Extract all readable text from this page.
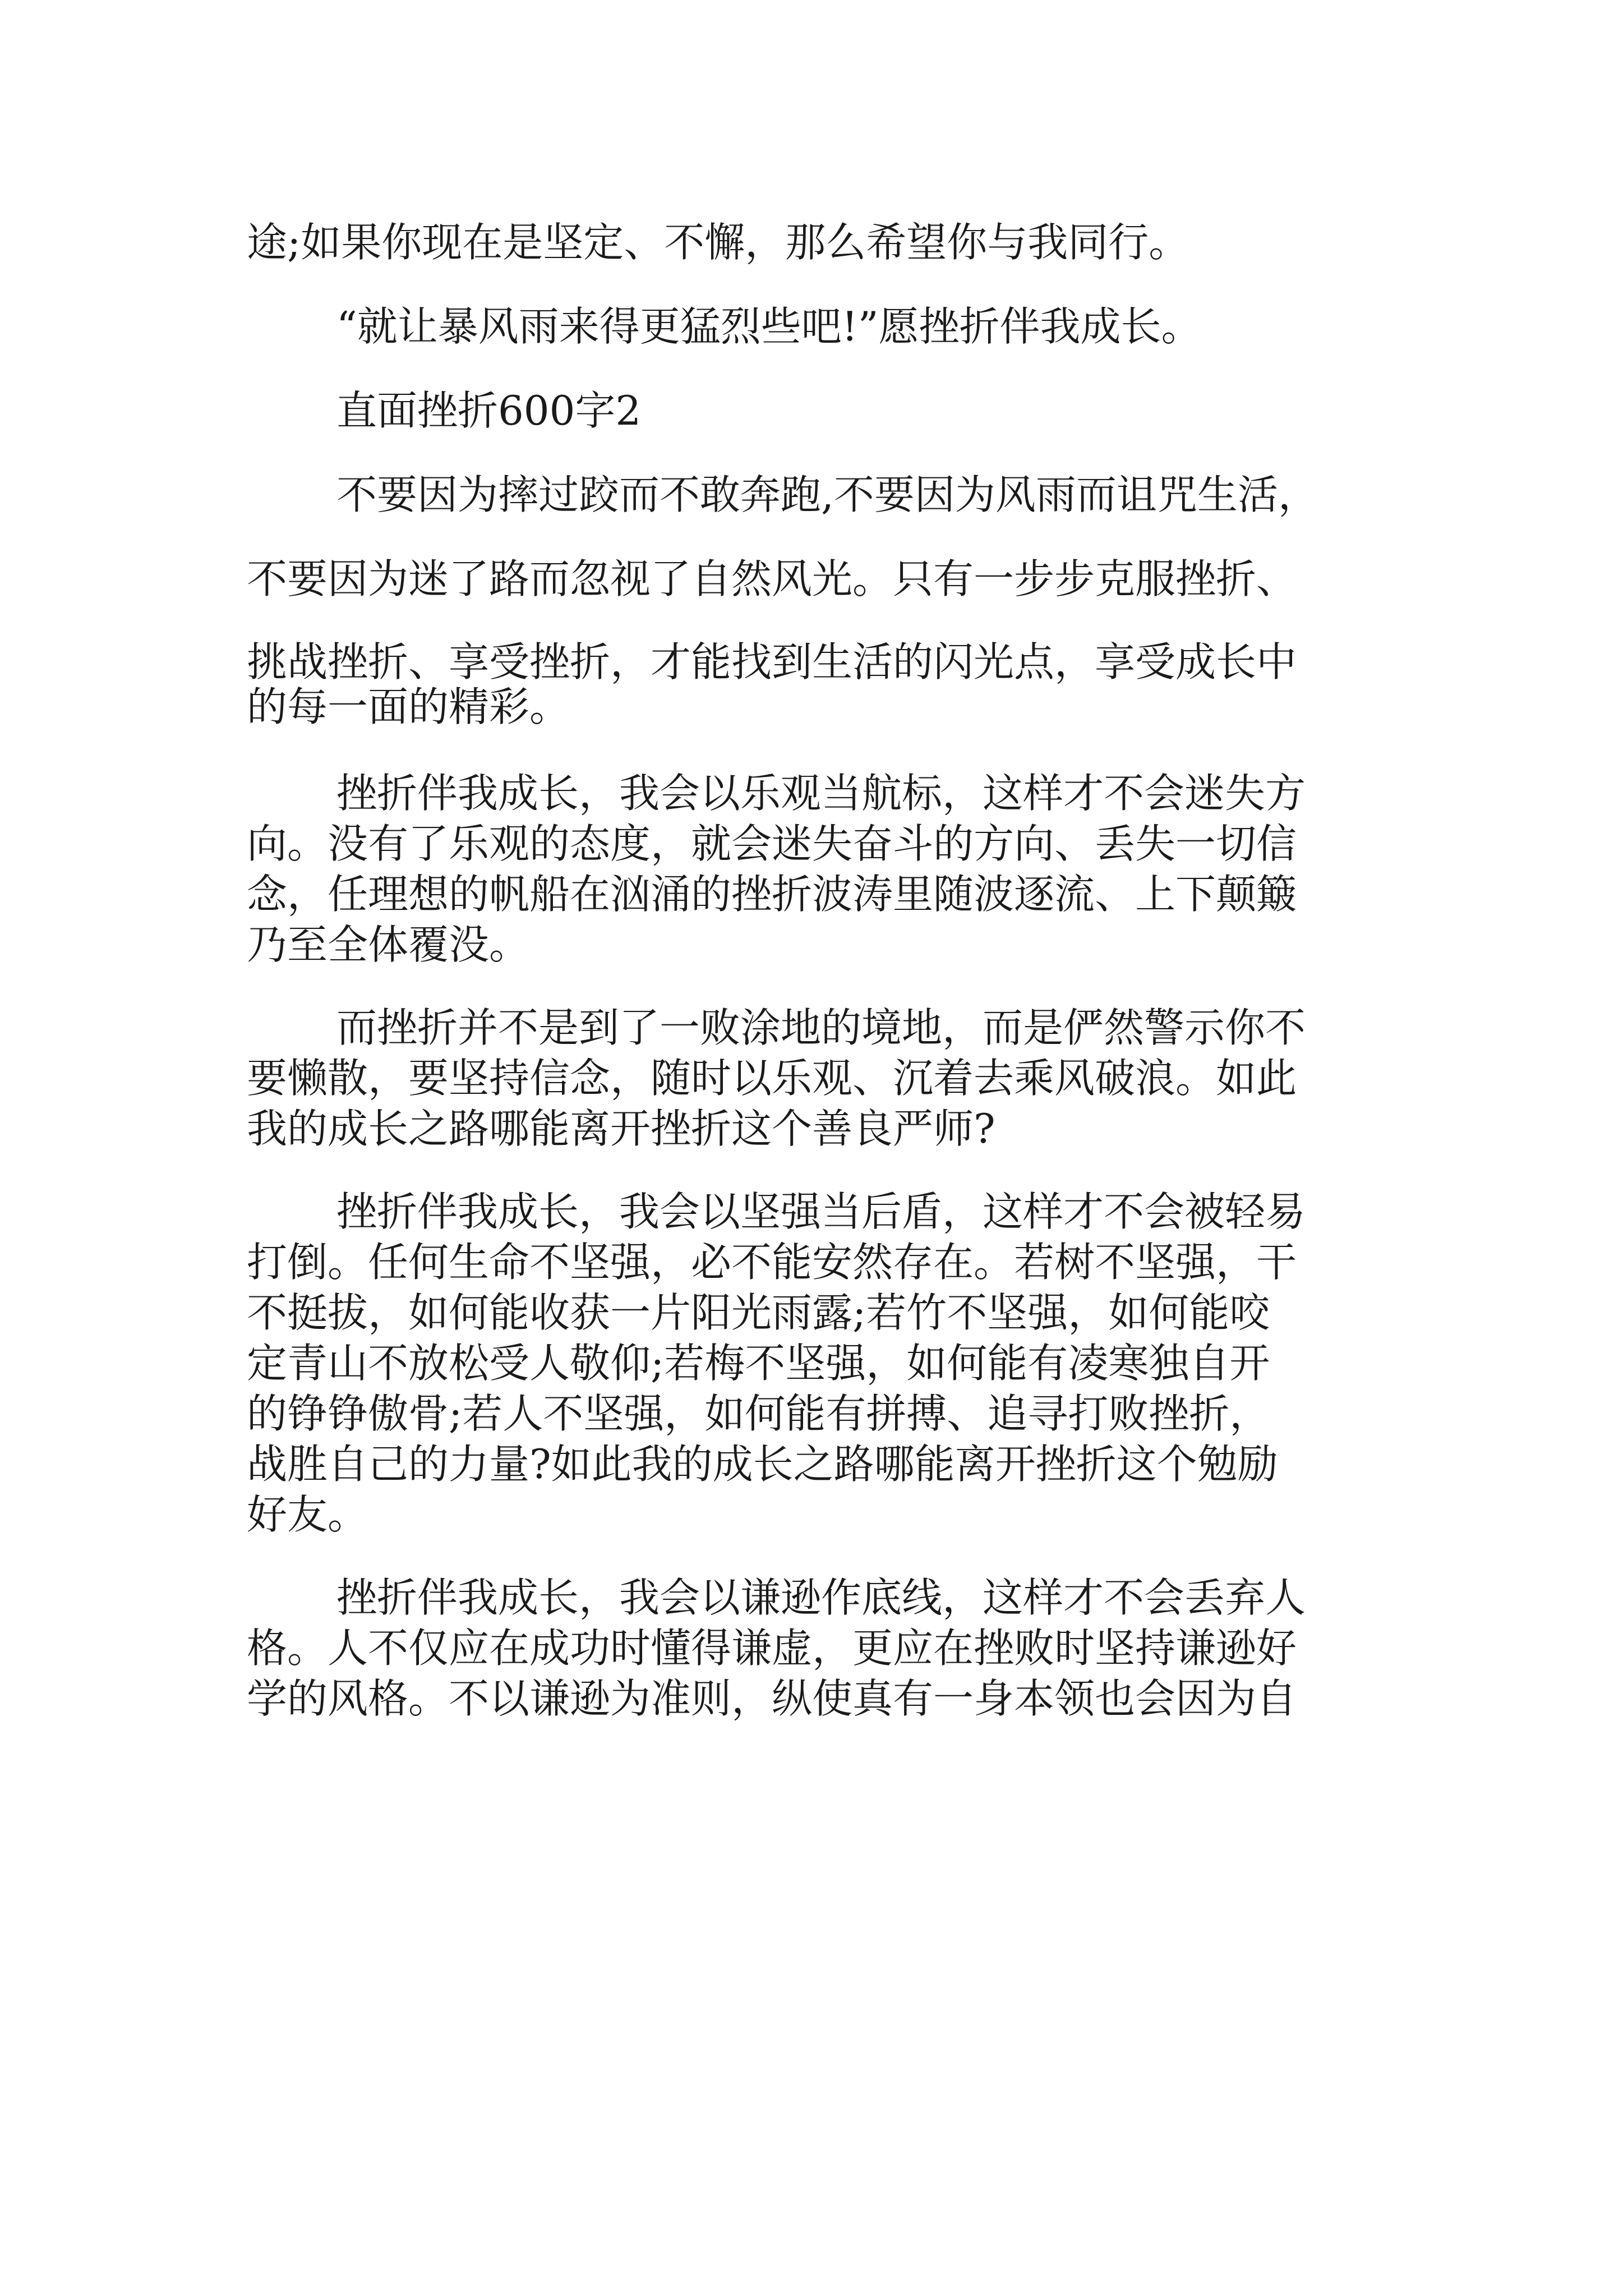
途;如果你现在是坚定、不懈，那么希望你与我同行。
“就让暴风雨来得更猛烈些吧!”愿挫折伴我成长。
直面挫折600字2
不要因为摔过跤而不敢奔跑,不要因为风雨而诅咒生活，
不要因为迷了路而忽视了自然风光。只有一步步克服挫折、
挑战挫折、享受挫折，才能找到生活的闪光点，享受成长中
的每一面的精彩。
挫折伴我成长，我会以乐观当航标，这样才不会迷失方
向。没有了乐观的态度，就会迷失奋斗的方向、丢失一切信
念，任理想的帆船在汹涌的挫折波涛里随波逐流、上下颠簸
乃至全体覆没。
而挫折并不是到了一败涂地的境地，而是俨然警示你不
要懒散，要坚持信念，随时以乐观、沉着去乘风破浪。如此
我的成长之路哪能离开挫折这个善良严师?
挫折伴我成长，我会以坚强当后盾，这样才不会被轻易
打倒。任何生命不坚强，必不能安然存在。若树不坚强，干
不挺拔，如何能收获一片阳光雨露;若竹不坚强，如何能咬
定青山不放松受人敬仰;若梅不坚强，如何能有凌寒独自开
的铮铮傲骨;若人不坚强，如何能有拼搏、追寻打败挫折，
战胜自己的力量?如此我的成长之路哪能离开挫折这个勉励
好友。
挫折伴我成长，我会以谦逊作底线，这样才不会丢弃人
格。人不仅应在成功时懂得谦虚，更应在挫败时坚持谦逊好
学的风格。不以谦逊为准则，纵使真有一身本领也会因为自
